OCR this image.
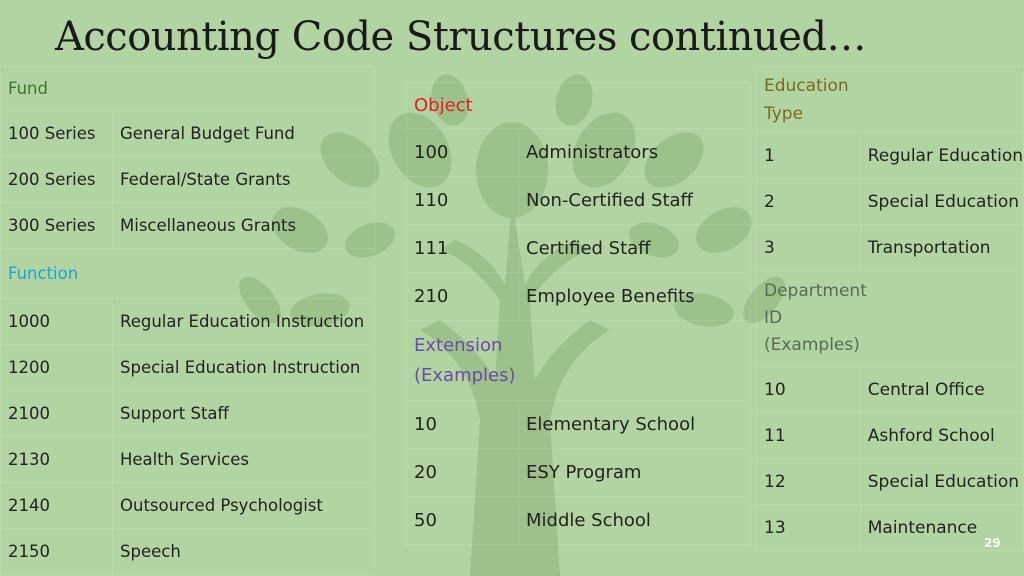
Accounting Code Structures continued…
Fund	
100 Series	General Budget Fund
200 Series	Federal/State Grants
300 Series	Miscellaneous Grants
Function	
1000	Regular Education Instruction
1200	Special Education Instruction
2100	Support Staff
2130	Health Services
2140	Outsourced Psychologist
2150	Speech
Object	
100	Administrators
110	Non-Certified Staff
111	Certified Staff
210	Employee Benefits
Extension
(Examples)	
10	Elementary School
20	ESY Program
50	Middle School
Education
Type	
1	Regular Education
2	Special Education
3	Transportation
Department
ID
(Examples)	
10	Central Office
11	Ashford School
12	Special Education
13	Maintenance
29
